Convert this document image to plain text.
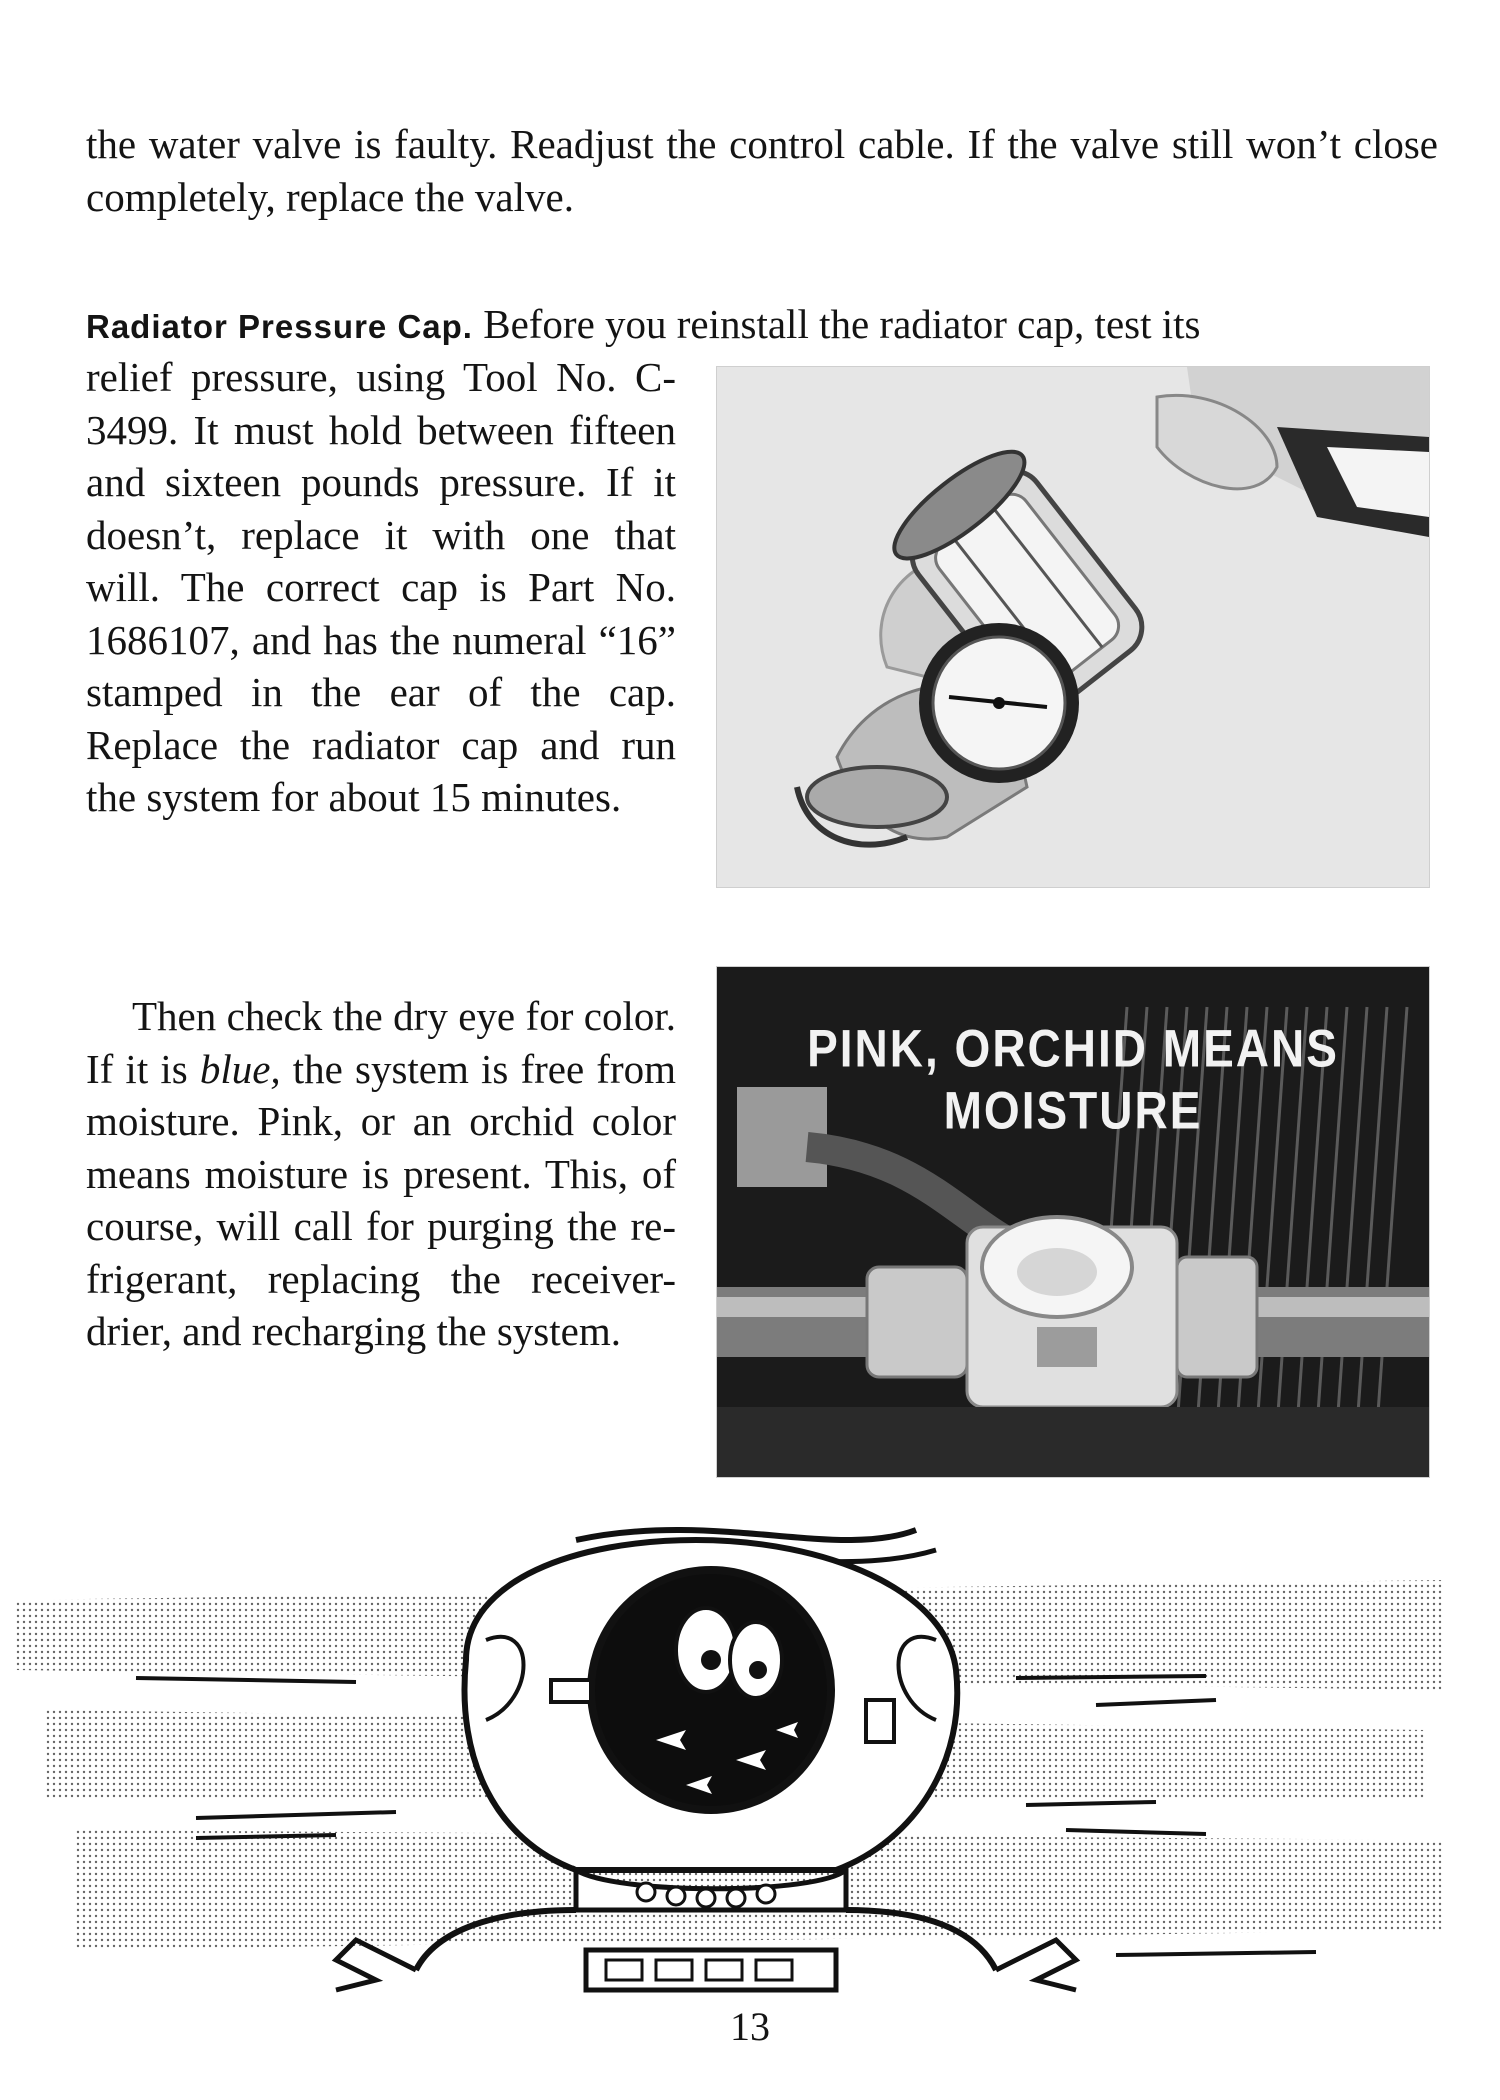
the water valve is faulty. Readjust the control cable. If the valve still won’t close completely, replace the valve.

Radiator Pressure Cap. Before you reinstall the radiator cap, test its

relief pressure, using Tool No. C-3499. It must hold between fifteen and sixteen pounds pressure. If it doesn’t, replace it with one that will. The correct cap is Part No. 1686107, and has the numeral “16” stamped in the ear of the cap. Replace the radiator cap and run the system for about 15 minutes.

Then check the dry eye for color. If it is blue, the system is free from moisture. Pink, or an orchid color means moisture is present. This, of course, will call for purging the refrigerant, replacing the receiver-drier, and recharging the system.

PINK, ORCHID MEANS MOISTURE
13
